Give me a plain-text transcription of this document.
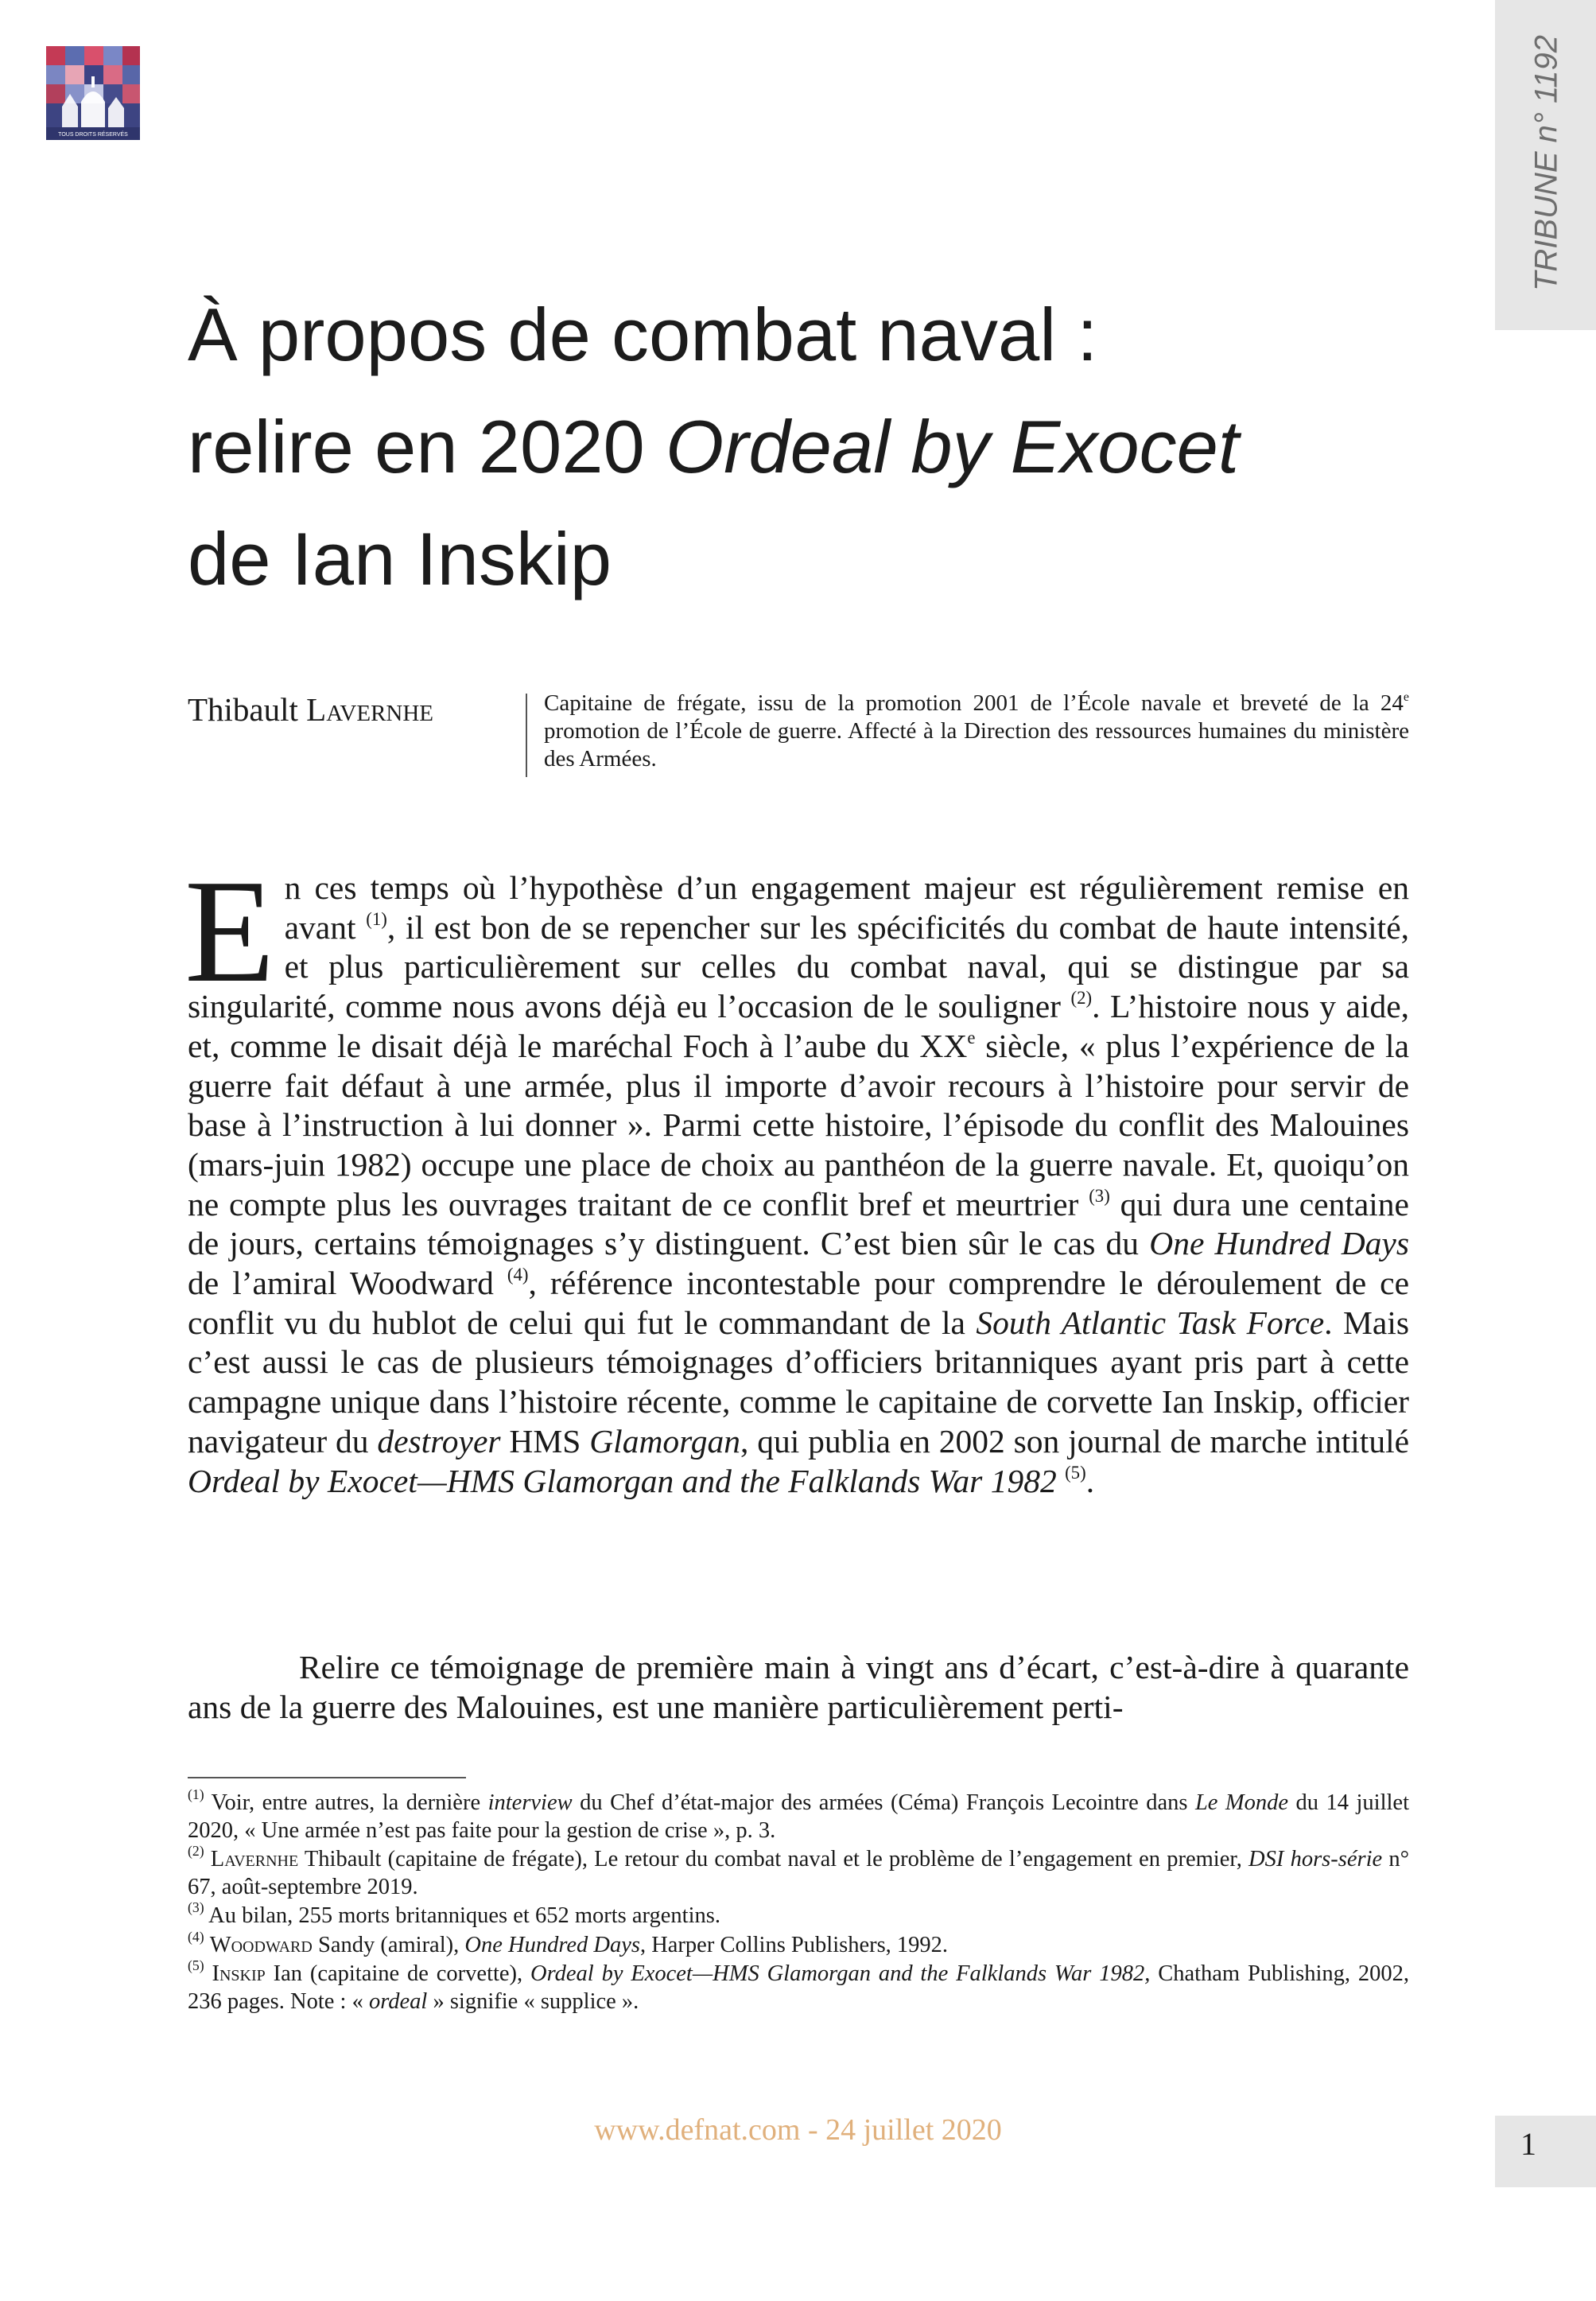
TOUS DROITS RÉSERVÉS	TRIBUNE n° 1192
À propos de combat naval :
relire en 2020 Ordeal by Exocet
de Ian Inskip
Thibault Lavernhe	Capitaine de frégate, issu de la promotion 2001 de l’École navale et breveté de la 24e promotion de l’École de guerre. Affecté à la Direction des ressources humaines du ministère des Armées.

En ces temps où l’hypothèse d’un engagement majeur est régulièrement remise en avant $^{(1)}$, il est bon de se repencher sur les spécificités du combat de haute intensité, et plus particulièrement sur celles du combat naval, qui se distingue par sa singularité, comme nous avons déjà eu l’occasion de le souligner $^{(2)}$. L’histoire nous y aide, et, comme le disait déjà le maréchal Foch à l’aube du XXe siècle, « plus l’expérience de la guerre fait défaut à une armée, plus il importe d’avoir recours à l’histoire pour servir de base à l’instruction à lui donner ». Parmi cette histoire, l’épisode du conflit des Malouines (mars-juin 1982) occupe une place de choix au panthéon de la guerre navale. Et, quoiqu’on ne compte plus les ouvrages traitant de ce conflit bref et meurtrier $^{(3)}$ qui dura une centaine de jours, certains témoignages s’y distinguent. C’est bien sûr le cas du One Hundred Days de l’amiral Woodward $^{(4)}$, référence incontestable pour comprendre le déroulement de ce conflit vu du hublot de celui qui fut le commandant de la South Atlantic Task Force. Mais c’est aussi le cas de plusieurs témoignages d’officiers britanniques ayant pris part à cette campagne unique dans l’histoire récente, comme le capitaine de corvette Ian Inskip, officier navigateur du destroyer HMS Glamorgan, qui publia en 2002 son journal de marche intitulé Ordeal by Exocet—HMS Glamorgan and the Falklands War 1982 $^{(5)}$.

Relire ce témoignage de première main à vingt ans d’écart, c’est-à-dire à quarante ans de la guerre des Malouines, est une manière particulièrement perti-

$^{(1)}$ Voir, entre autres, la dernière interview du Chef d’état-major des armées (Céma) François Lecointre dans Le Monde du 14 juillet 2020, « Une armée n’est pas faite pour la gestion de crise », p. 3.

$^{(2)}$ Lavernhe Thibault (capitaine de frégate), Le retour du combat naval et le problème de l’engagement en premier, DSI hors-série n° 67, août-septembre 2019.

$^{(3)}$ Au bilan, 255 morts britanniques et 652 morts argentins.

$^{(4)}$ Woodward Sandy (amiral), One Hundred Days, Harper Collins Publishers, 1992.

$^{(5)}$ Inskip Ian (capitaine de corvette), Ordeal by Exocet—HMS Glamorgan and the Falklands War 1982, Chatham Publishing, 2002, 236 pages. Note : « ordeal » signifie « supplice ».

www.defnat.com - 24 juillet 2020	1
